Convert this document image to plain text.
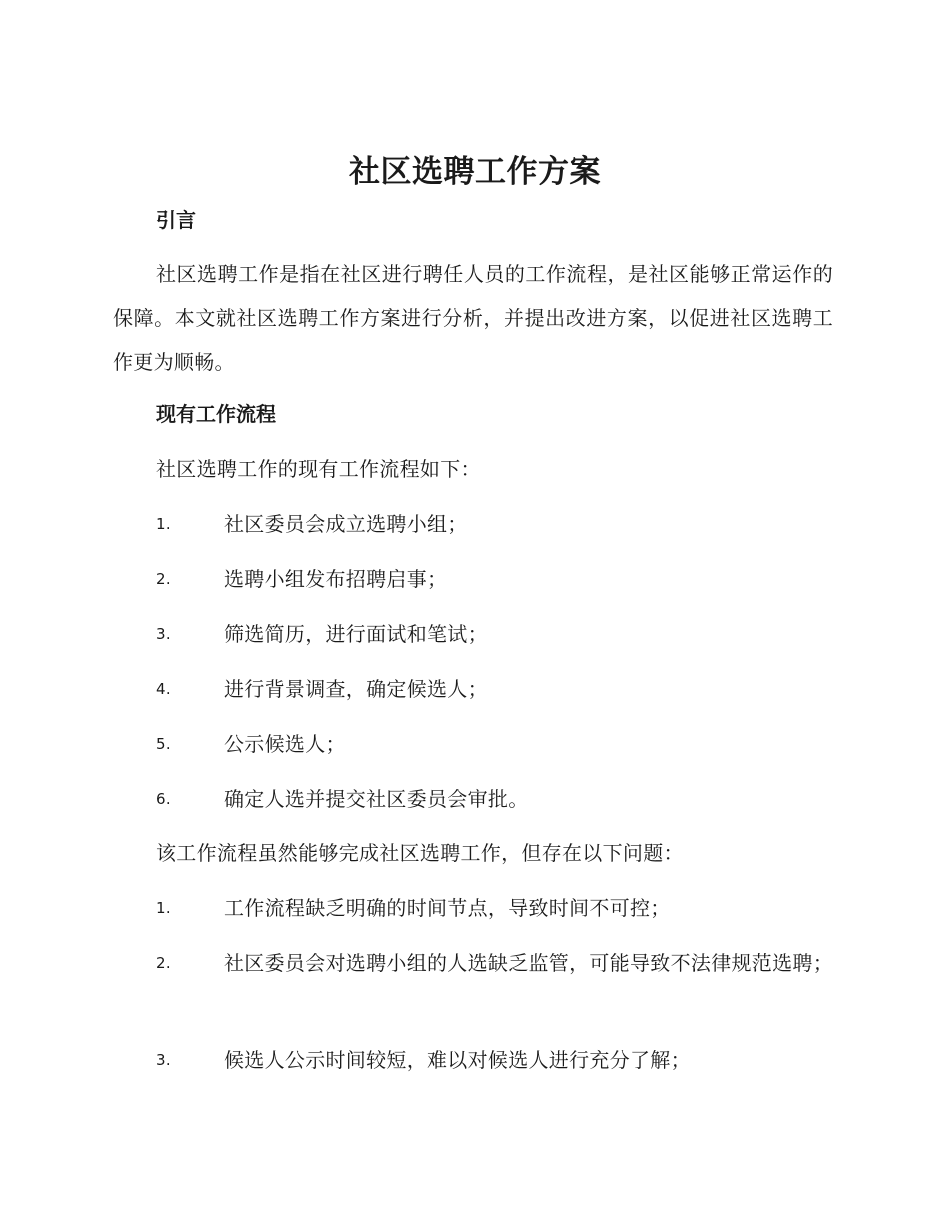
社区选聘工作方案
引言
社区选聘工作是指在社区进行聘任人员的工作流程，是社区能够正常运作的保障。本文就社区选聘工作方案进行分析，并提出改进方案，以促进社区选聘工作更为顺畅。
现有工作流程
社区选聘工作的现有工作流程如下：
1.	社区委员会成立选聘小组；
2.	选聘小组发布招聘启事；
3.	筛选简历，进行面试和笔试；
4.	进行背景调查，确定候选人；
5.	公示候选人；
6.	确定人选并提交社区委员会审批。
该工作流程虽然能够完成社区选聘工作，但存在以下问题：
1.	工作流程缺乏明确的时间节点，导致时间不可控；
2.	社区委员会对选聘小组的人选缺乏监管，可能导致不法律规范选聘；
3.	候选人公示时间较短，难以对候选人进行充分了解；
